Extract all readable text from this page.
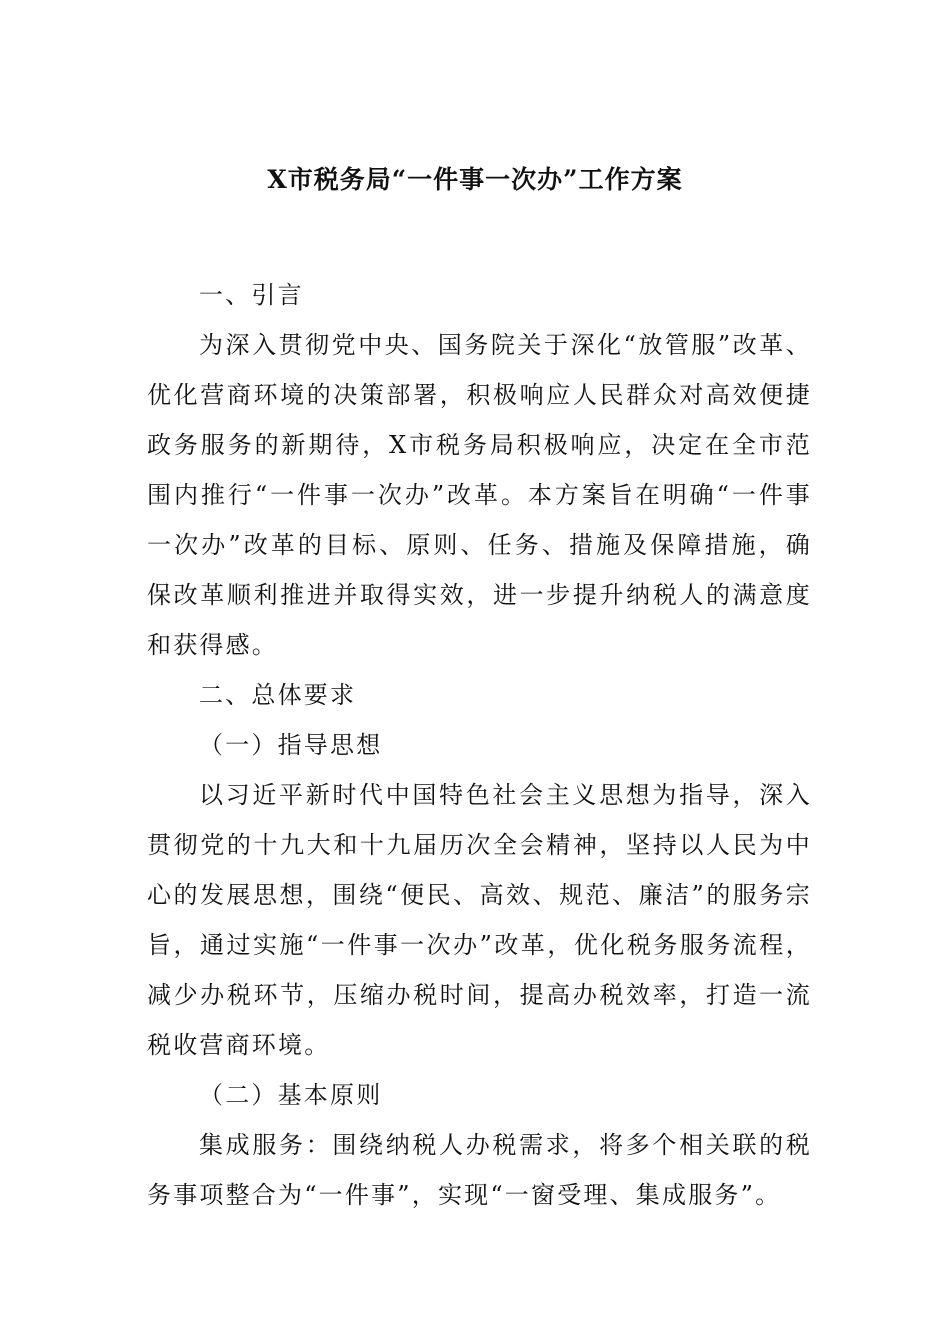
X市税务局“一件事一次办”工作方案

一、引言

为深入贯彻党中央、国务院关于深化“放管服”改革、优化营商环境的决策部署，积极响应人民群众对高效便捷政务服务的新期待，X市税务局积极响应，决定在全市范围内推行“一件事一次办”改革。本方案旨在明确“一件事一次办”改革的目标、原则、任务、措施及保障措施，确保改革顺利推进并取得实效，进一步提升纳税人的满意度和获得感。

二、总体要求

（一）指导思想

以习近平新时代中国特色社会主义思想为指导，深入贯彻党的十九大和十九届历次全会精神，坚持以人民为中心的发展思想，围绕“便民、高效、规范、廉洁”的服务宗旨，通过实施“一件事一次办”改革，优化税务服务流程，减少办税环节，压缩办税时间，提高办税效率，打造一流税收营商环境。

（二）基本原则

集成服务：围绕纳税人办税需求，将多个相关联的税务事项整合为“一件事”，实现“一窗受理、集成服务”。
